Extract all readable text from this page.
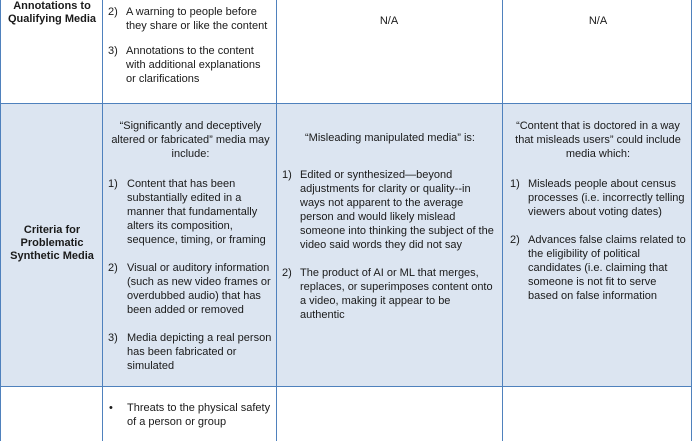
Annotations to Qualifying Media
2) A warning to people before they share or like the content
3) Annotations to the content with additional explanations or clarifications
N/A	N/A
Criteria for Problematic Synthetic Media
“Significantly and deceptively altered or fabricated” media may include:
1) Content that has been substantially edited in a manner that fundamentally alters its composition, sequence, timing, or framing
2) Visual or auditory information (such as new video frames or overdubbed audio) that has been added or removed
3) Media depicting a real person has been fabricated or simulated
“Misleading manipulated media” is:
1) Edited or synthesized—beyond adjustments for clarity or quality--in ways not apparent to the average person and would likely mislead someone into thinking the subject of the video said words they did not say
2) The product of AI or ML that merges, replaces, or superimposes content onto a video, making it appear to be authentic
“Content that is doctored in a way that misleads users” could include media which:
1) Misleads people about census processes (i.e. incorrectly telling viewers about voting dates)
2) Advances false claims related to the eligibility of political candidates (i.e. claiming that someone is not fit to serve based on false information
• Threats to the physical safety of a person or group
